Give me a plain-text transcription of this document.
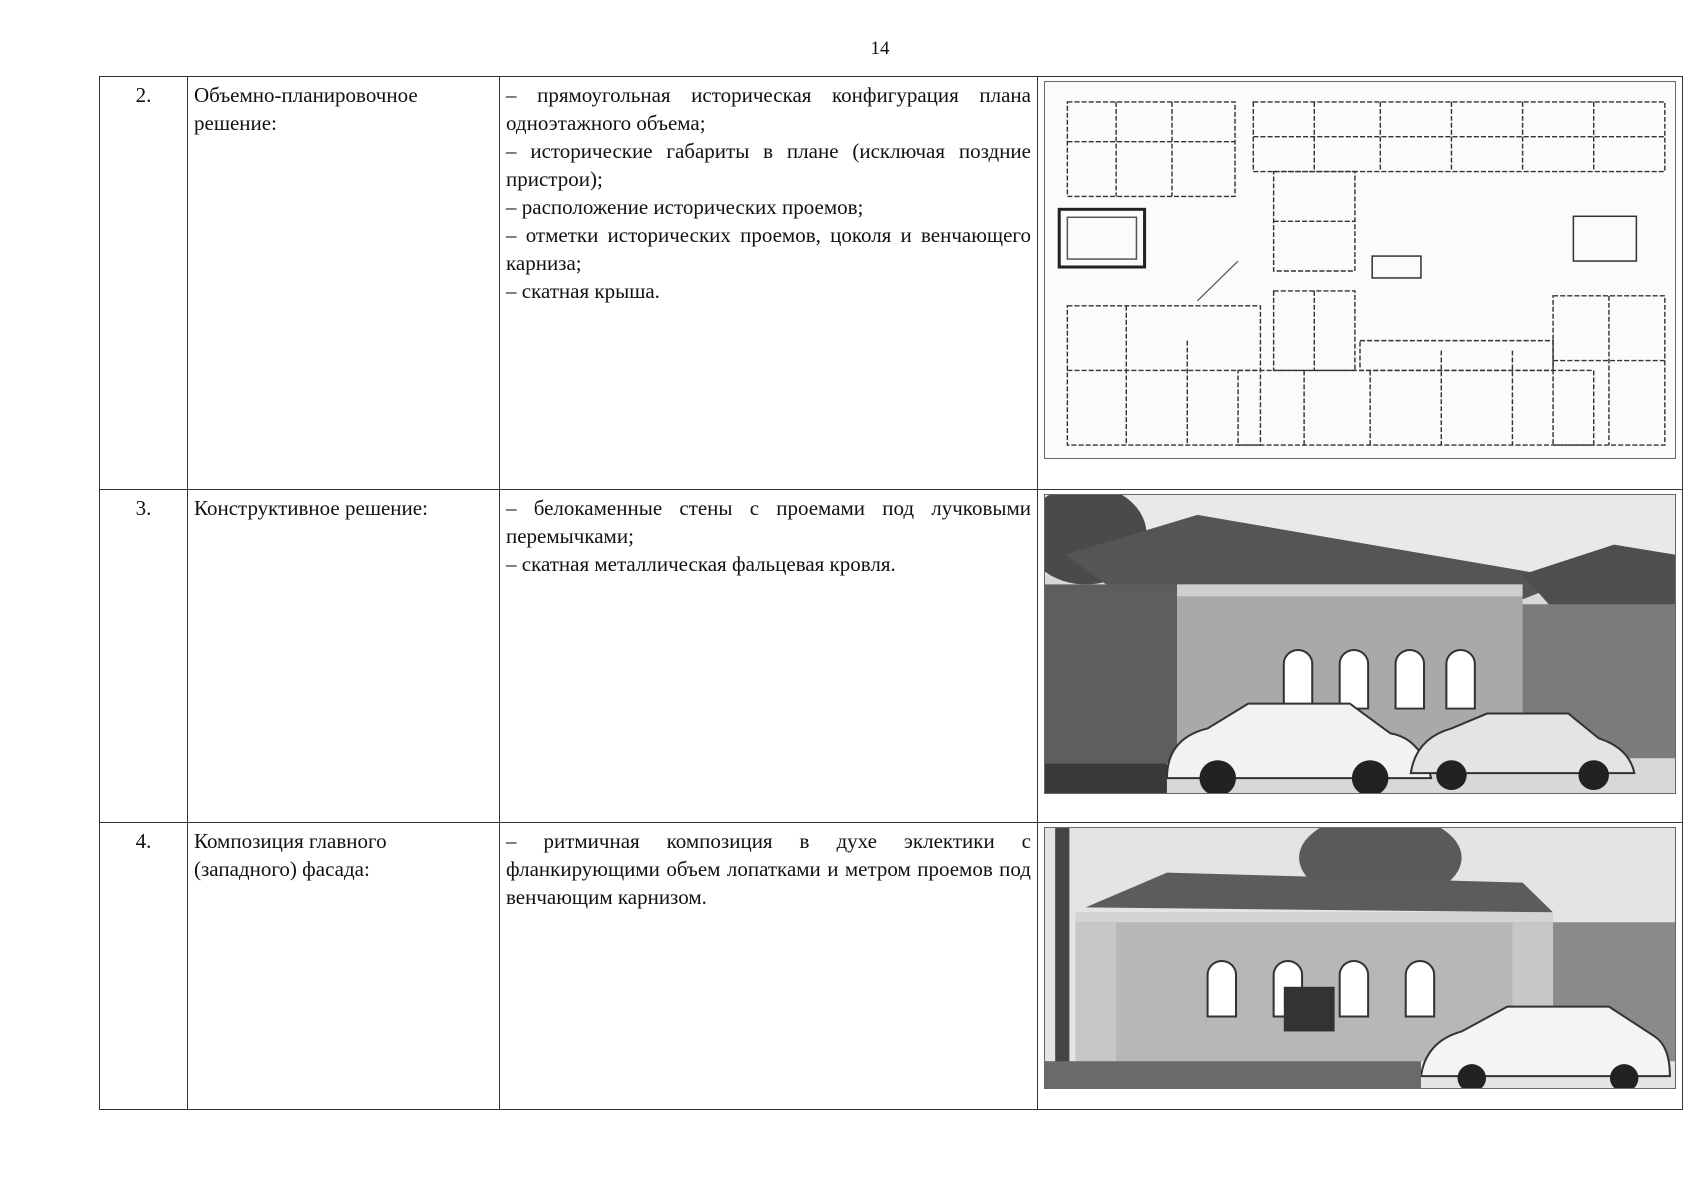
14
2.	Объемно-планировочное решение:	– прямоугольная историческая конфигурация плана одноэтажного объема;

– исторические габариты в плане (исключая поздние пристрои);

– расположение исторических проемов;

– отметки исторических проемов, цоколя и венчающего карниза;

– скатная крыша.

3.	Конструктивное решение:	– белокаменные стены с проемами под лучковыми перемычками;

– скатная металлическая фальцевая кровля.

4.	Композиция главного (западного) фасада:	– ритмичная композиция в духе эклектики с фланкирующими объем лопатками и метром проемов под венчающим карнизом.
